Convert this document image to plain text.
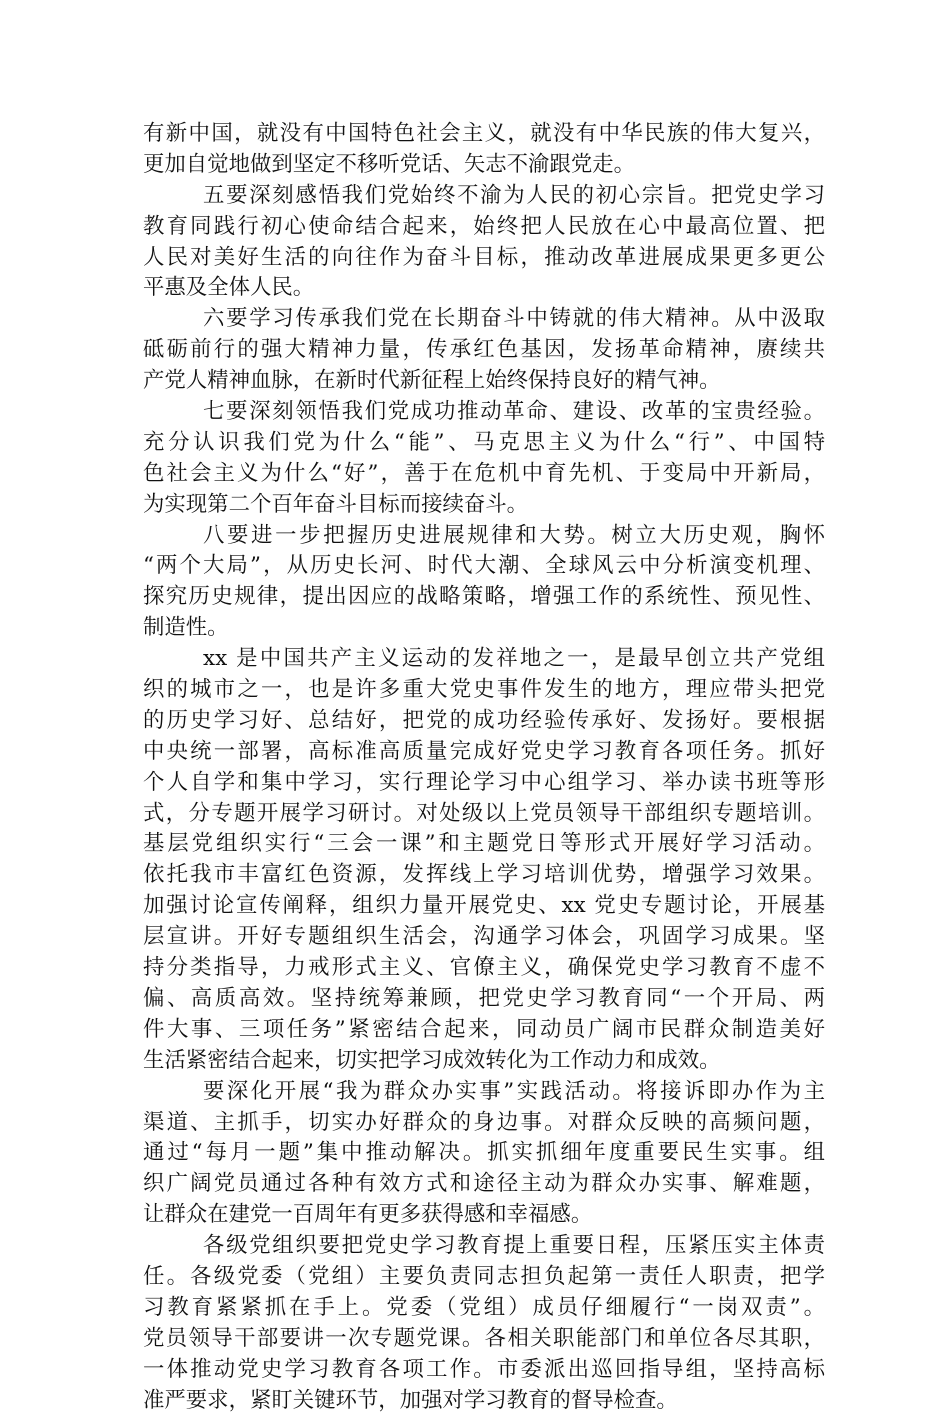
有新中国，就没有中国特色社会主义，就没有中华民族的伟大复兴，
更加自觉地做到坚定不移听党话、矢志不渝跟党走。
五要深刻感悟我们党始终不渝为人民的初心宗旨。把党史学习
教育同践行初心使命结合起来，始终把人民放在心中最高位置、把
人民对美好生活的向往作为奋斗目标，推动改革进展成果更多更公
平惠及全体人民。
六要学习传承我们党在长期奋斗中铸就的伟大精神。从中汲取
砥砺前行的强大精神力量，传承红色基因，发扬革命精神，赓续共
产党人精神血脉，在新时代新征程上始终保持良好的精气神。
七要深刻领悟我们党成功推动革命、建设、改革的宝贵经验。
充分认识我们党为什么“能”、马克思主义为什么“行”、中国特
色社会主义为什么“好”，善于在危机中育先机、于变局中开新局，
为实现第二个百年奋斗目标而接续奋斗。
八要进一步把握历史进展规律和大势。树立大历史观，胸怀
“两个大局”，从历史长河、时代大潮、全球风云中分析演变机理、
探究历史规律，提出因应的战略策略，增强工作的系统性、预见性、
制造性。
xx 是中国共产主义运动的发祥地之一，是最早创立共产党组
织的城市之一，也是许多重大党史事件发生的地方，理应带头把党
的历史学习好、总结好，把党的成功经验传承好、发扬好。要根据
中央统一部署，高标准高质量完成好党史学习教育各项任务。抓好
个人自学和集中学习，实行理论学习中心组学习、举办读书班等形
式，分专题开展学习研讨。对处级以上党员领导干部组织专题培训。
基层党组织实行“三会一课”和主题党日等形式开展好学习活动。
依托我市丰富红色资源，发挥线上学习培训优势，增强学习效果。
加强讨论宣传阐释，组织力量开展党史、xx 党史专题讨论，开展基
层宣讲。开好专题组织生活会，沟通学习体会，巩固学习成果。坚
持分类指导，力戒形式主义、官僚主义，确保党史学习教育不虚不
偏、高质高效。坚持统筹兼顾，把党史学习教育同“一个开局、两
件大事、三项任务”紧密结合起来，同动员广阔市民群众制造美好
生活紧密结合起来，切实把学习成效转化为工作动力和成效。
要深化开展“我为群众办实事”实践活动。将接诉即办作为主
渠道、主抓手，切实办好群众的身边事。对群众反映的高频问题，
通过“每月一题”集中推动解决。抓实抓细年度重要民生实事。组
织广阔党员通过各种有效方式和途径主动为群众办实事、解难题，
让群众在建党一百周年有更多获得感和幸福感。
各级党组织要把党史学习教育提上重要日程，压紧压实主体责
任。各级党委（党组）主要负责同志担负起第一责任人职责，把学
习教育紧紧抓在手上。党委（党组）成员仔细履行“一岗双责”。
党员领导干部要讲一次专题党课。各相关职能部门和单位各尽其职，
一体推动党史学习教育各项工作。市委派出巡回指导组，坚持高标
准严要求，紧盯关键环节，加强对学习教育的督导检查。
